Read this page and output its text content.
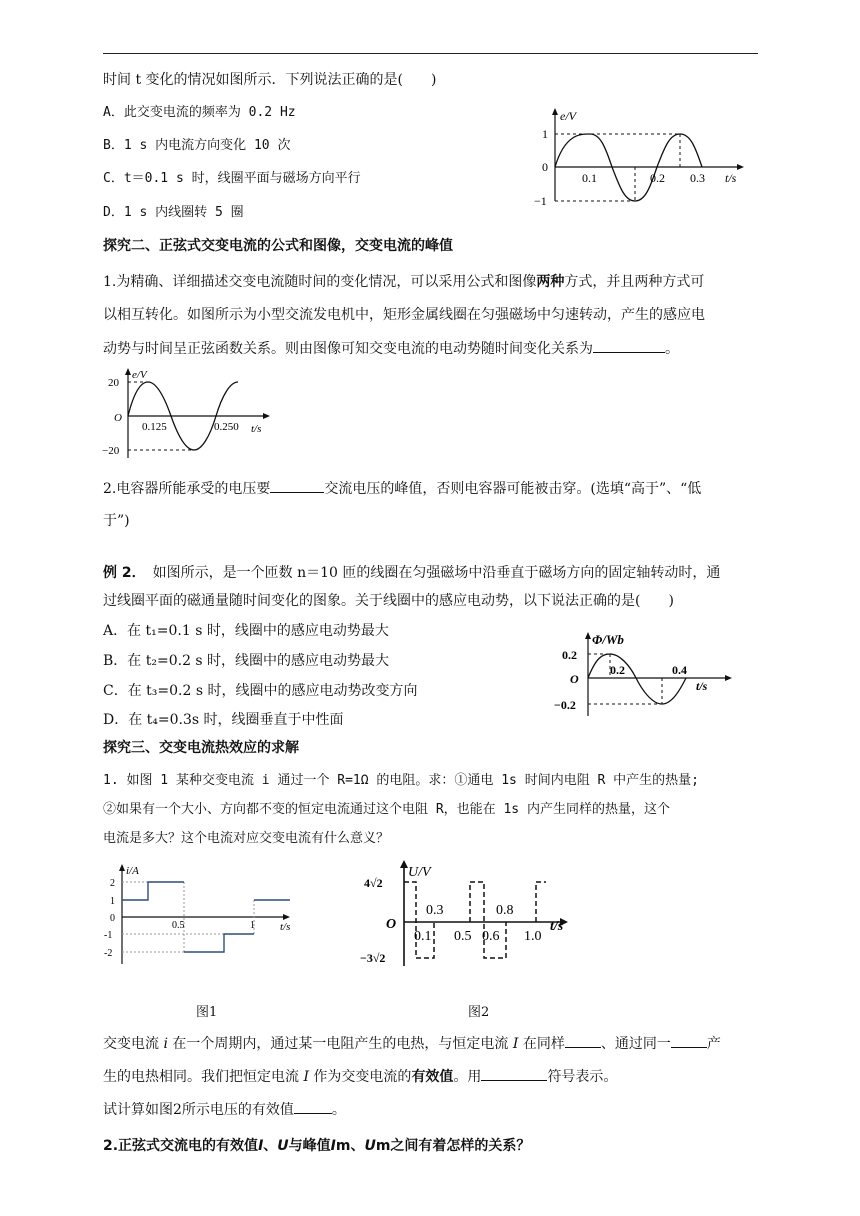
时间 t 变化的情况如图所示．下列说法正确的是(　　)
A．此交变电流的频率为 0.2 Hz
B．1 s 内电流方向变化 10 次
C．t＝0.1 s 时，线圈平面与磁场方向平行
D．1 s 内线圈转 5 圈
e/V
t/s
1
0
−1
0.1	0.2 0.3
探究二、正弦式交变电流的公式和图像，交变电流的峰值
1.为精确、详细描述交变电流随时间的变化情况，可以采用公式和图像两种方式，并且两种方式可
以相互转化。如图所示为小型交流发电机中，矩形金属线圈在匀强磁场中匀速转动，产生的感应电
动势与时间呈正弦函数关系。则由图像可知交变电流的电动势随时间变化关系为	。
e/V
t/s
20
O
−20
0.125	0.250
2.电容器所能承受的电压要	交流电压的峰值，否则电容器可能被击穿。(选填“高于”、“低
于”)
例 2．　如图所示，是一个匝数 n＝10 匝的线圈在匀强磁场中沿垂直于磁场方向的固定轴转动时，通
过线圈平面的磁通量随时间变化的图象。关于线圈中的感应电动势，以下说法正确的是(　　)
A．在 t₁=0.1 s 时，线圈中的感应电动势最大
B．在 t₂=0.2 s 时，线圈中的感应电动势最大
C．在 t₃=0.2 s 时，线圈中的感应电动势改变方向
D．在 t₄=0.3s 时，线圈垂直于中性面
Φ/Wb
t/s
0.2
O
−0.2
0.2	0.4
探究三、交变电流热效应的求解
1. 如图 1 某种交变电流 i 通过一个 R=1Ω 的电阻。求：①通电 1s 时间内电阻 R 中产生的热量;
②如果有一个大小、方向都不变的恒定电流通过这个电阻 R，也能在 1s 内产生同样的热量，这个
电流是多大？这个电流对应交变电流有什么意义？
i/A
t/s
2
1
0
-1
-2
0.5	1
U/V
t/s
4√2
O
−3√2
0.3	0.8
0.1 0.5 0.6 1.0
图1	图2
交变电流 i 在一个周期内，通过某一电阻产生的电热，与恒定电流 I 在同样	、通过同一	产
生的电热相同。我们把恒定电流 I 作为交变电流的有效值。用	符号表示。
试计算如图2所示电压的有效值	。
2.正弦式交流电的有效值I、U与峰值Im、Um之间有着怎样的关系？
